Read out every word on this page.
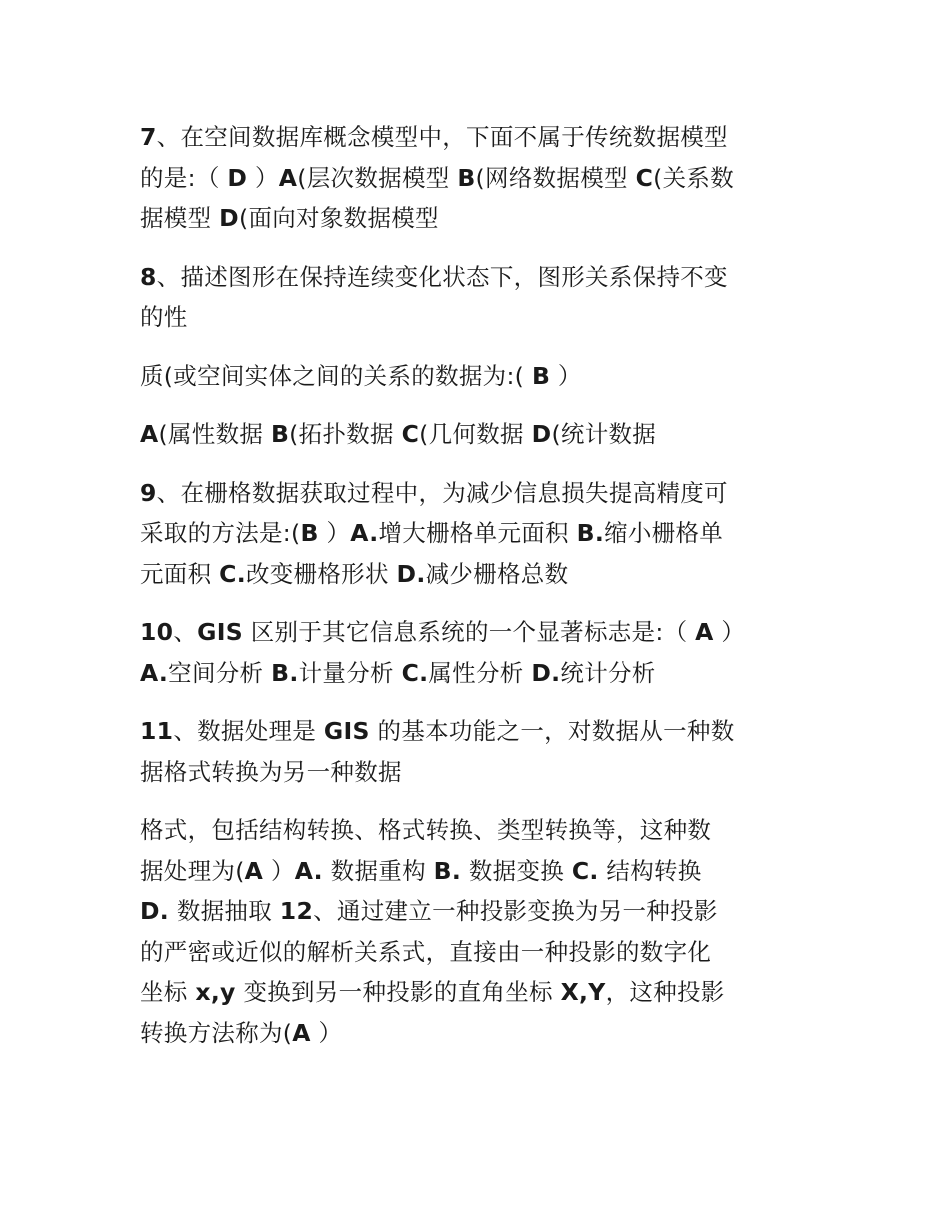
7、在空间数据库概念模型中，下面不属于传统数据模型
的是:（ D ）A(层次数据模型 B(网络数据模型 C(关系数
据模型 D(面向对象数据模型

8、描述图形在保持连续变化状态下，图形关系保持不变
的性

质(或空间实体之间的关系的数据为:( B ）

A(属性数据 B(拓扑数据 C(几何数据 D(统计数据

9、在栅格数据获取过程中，为减少信息损失提高精度可
采取的方法是:(B ）A.增大栅格单元面积 B.缩小栅格单
元面积 C.改变栅格形状 D.减少栅格总数

10、GIS 区别于其它信息系统的一个显著标志是:（ A ）
A.空间分析 B.计量分析 C.属性分析 D.统计分析

11、数据处理是 GIS 的基本功能之一，对数据从一种数
据格式转换为另一种数据

格式，包括结构转换、格式转换、类型转换等，这种数
据处理为(A ）A. 数据重构 B. 数据变换 C. 结构转换
D. 数据抽取 12、通过建立一种投影变换为另一种投影
的严密或近似的解析关系式，直接由一种投影的数字化
坐标 x,y 变换到另一种投影的直角坐标 X,Y，这种投影
转换方法称为(A ）
